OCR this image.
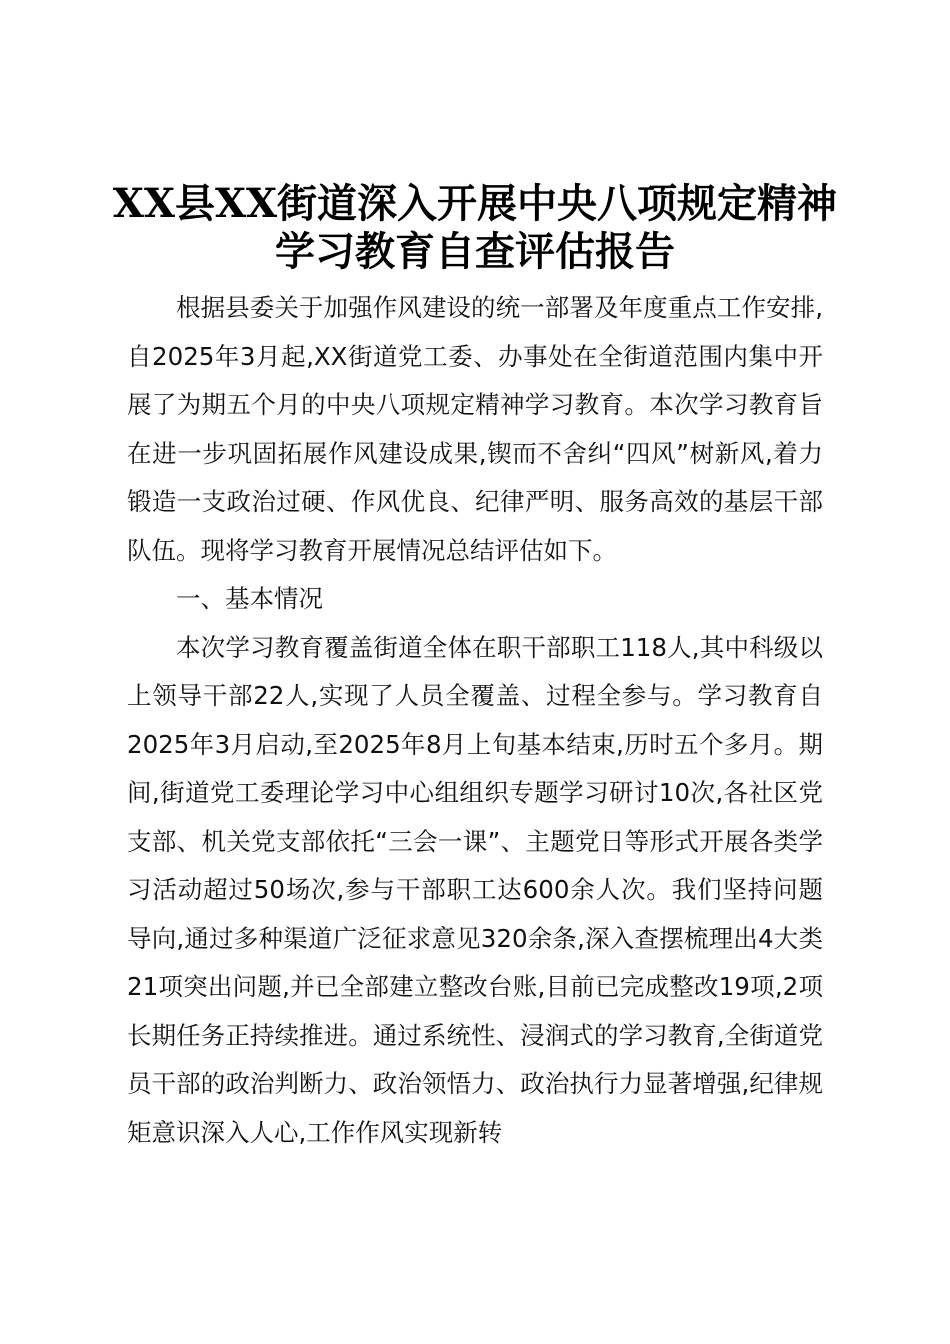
XX县XX街道深入开展中央八项规定精神学习教育自查评估报告

根据县委关于加强作风建设的统一部署及年度重点工作安排,自2025年3月起,XX街道党工委、办事处在全街道范围内集中开展了为期五个月的中央八项规定精神学习教育。本次学习教育旨在进一步巩固拓展作风建设成果,锲而不舍纠“四风”树新风,着力锻造一支政治过硬、作风优良、纪律严明、服务高效的基层干部队伍。现将学习教育开展情况总结评估如下。

一、基本情况

本次学习教育覆盖街道全体在职干部职工118人,其中科级以上领导干部22人,实现了人员全覆盖、过程全参与。学习教育自2025年3月启动,至2025年8月上旬基本结束,历时五个多月。期间,街道党工委理论学习中心组组织专题学习研讨10次,各社区党支部、机关党支部依托“三会一课”、主题党日等形式开展各类学习活动超过50场次,参与干部职工达600余人次。我们坚持问题导向,通过多种渠道广泛征求意见320余条,深入查摆梳理出4大类21项突出问题,并已全部建立整改台账,目前已完成整改19项,2项长期任务正持续推进。通过系统性、浸润式的学习教育,全街道党员干部的政治判断力、政治领悟力、政治执行力显著增强,纪律规矩意识深入人心,工作作风实现新转
